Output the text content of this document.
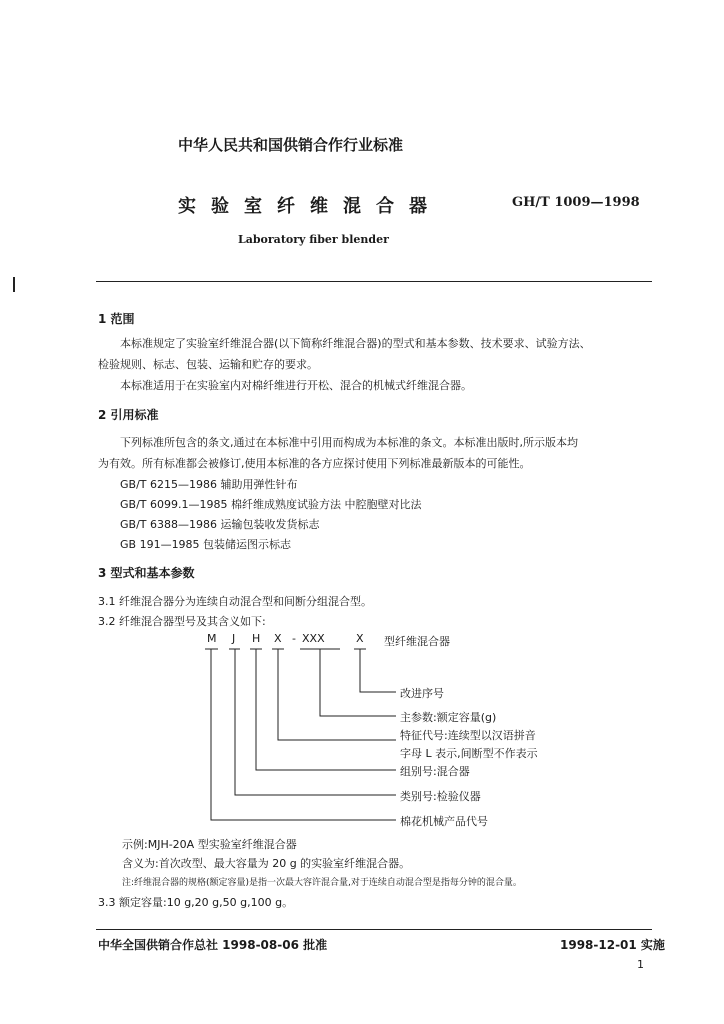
中华人民共和国供销合作行业标准
实验室纤维混合器	GH/T 1009—1998
Laboratory fiber blender
1 范围
本标准规定了实验室纤维混合器(以下简称纤维混合器)的型式和基本参数、技术要求、试验方法、
检验规则、标志、包装、运输和贮存的要求。
本标准适用于在实验室内对棉纤维进行开松、混合的机械式纤维混合器。
2 引用标准
下列标准所包含的条文,通过在本标准中引用而构成为本标准的条文。本标准出版时,所示版本均
为有效。所有标准都会被修订,使用本标准的各方应探讨使用下列标准最新版本的可能性。
GB/T 6215—1986 辅助用弹性针布
GB/T 6099.1—1985 棉纤维成熟度试验方法 中腔胞壁对比法
GB/T 6388—1986 运输包装收发货标志
GB 191—1985 包装储运图示标志
3 型式和基本参数
3.1 纤维混合器分为连续自动混合型和间断分组混合型。
3.2 纤维混合器型号及其含义如下:
M J H X - XXX	X 型纤维混合器
改进序号
主参数:额定容量(g)
特征代号:连续型以汉语拼音
字母 L 表示,间断型不作表示
组别号:混合器
类别号:检验仪器
棉花机械产品代号
示例:MJH-20A 型实验室纤维混合器
含义为:首次改型、最大容量为 20 g 的实验室纤维混合器。
注:纤维混合器的规格(额定容量)是指一次最大容许混合量,对于连续自动混合型是指每分钟的混合量。
3.3 额定容量:10 g,20 g,50 g,100 g。
中华全国供销合作总社 1998-08-06 批准	1998-12-01 实施
1
